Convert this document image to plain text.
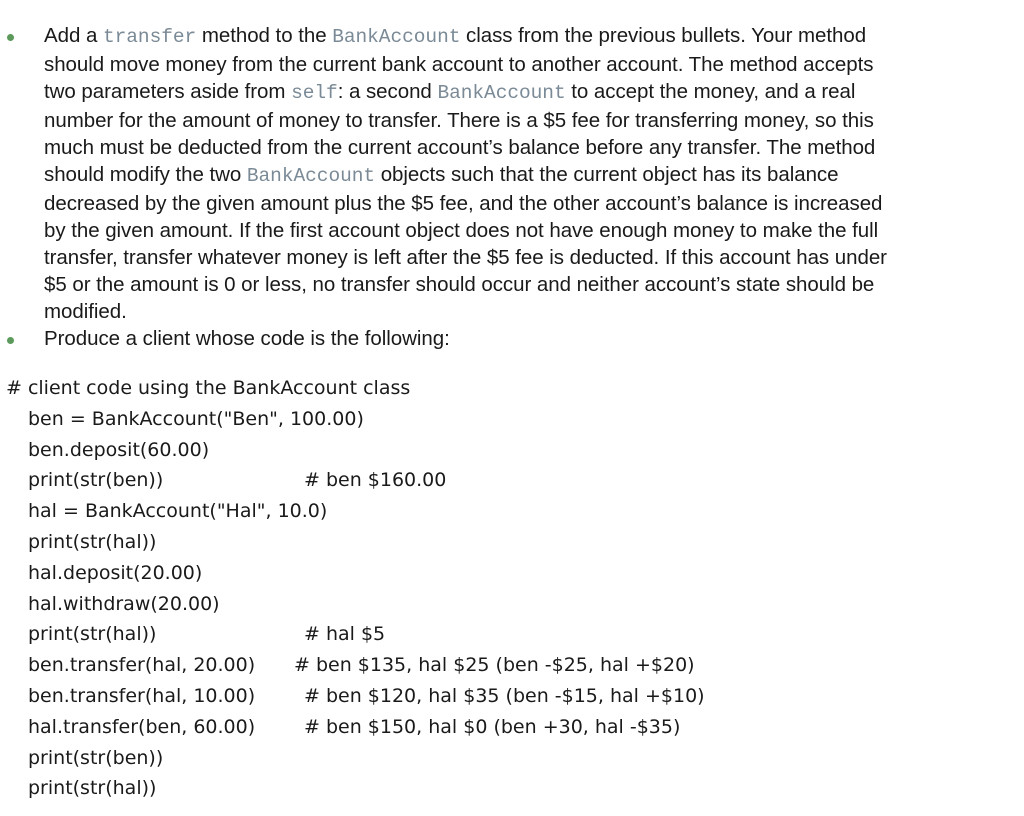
Add a transfer method to the BankAccount class from the previous bullets. Your method
should move money from the current bank account to another account. The method accepts
two parameters aside from self: a second BankAccount to accept the money, and a real
number for the amount of money to transfer. There is a $5 fee for transferring money, so this
much must be deducted from the current account’s balance before any transfer. The method
should modify the two BankAccount objects such that the current object has its balance
decreased by the given amount plus the $5 fee, and the other account’s balance is increased
by the given amount. If the first account object does not have enough money to make the full
transfer, transfer whatever money is left after the $5 fee is deducted. If this account has under
$5 or the amount is 0 or less, no transfer should occur and neither account’s state should be
modified.
Produce a client whose code is the following:
# client code using the BankAccount class
ben = BankAccount("Ben", 100.00)
ben.deposit(60.00)
print(str(ben))	# ben $160.00
hal = BankAccount("Hal", 10.0)
print(str(hal))
hal.deposit(20.00)
hal.withdraw(20.00)
print(str(hal))	# hal $5
ben.transfer(hal, 20.00) # ben $135, hal $25 (ben -$25, hal +$20)
ben.transfer(hal, 10.00)	# ben $120, hal $35 (ben -$15, hal +$10)
hal.transfer(ben, 60.00)	# ben $150, hal $0 (ben +30, hal -$35)
print(str(ben))
print(str(hal))
